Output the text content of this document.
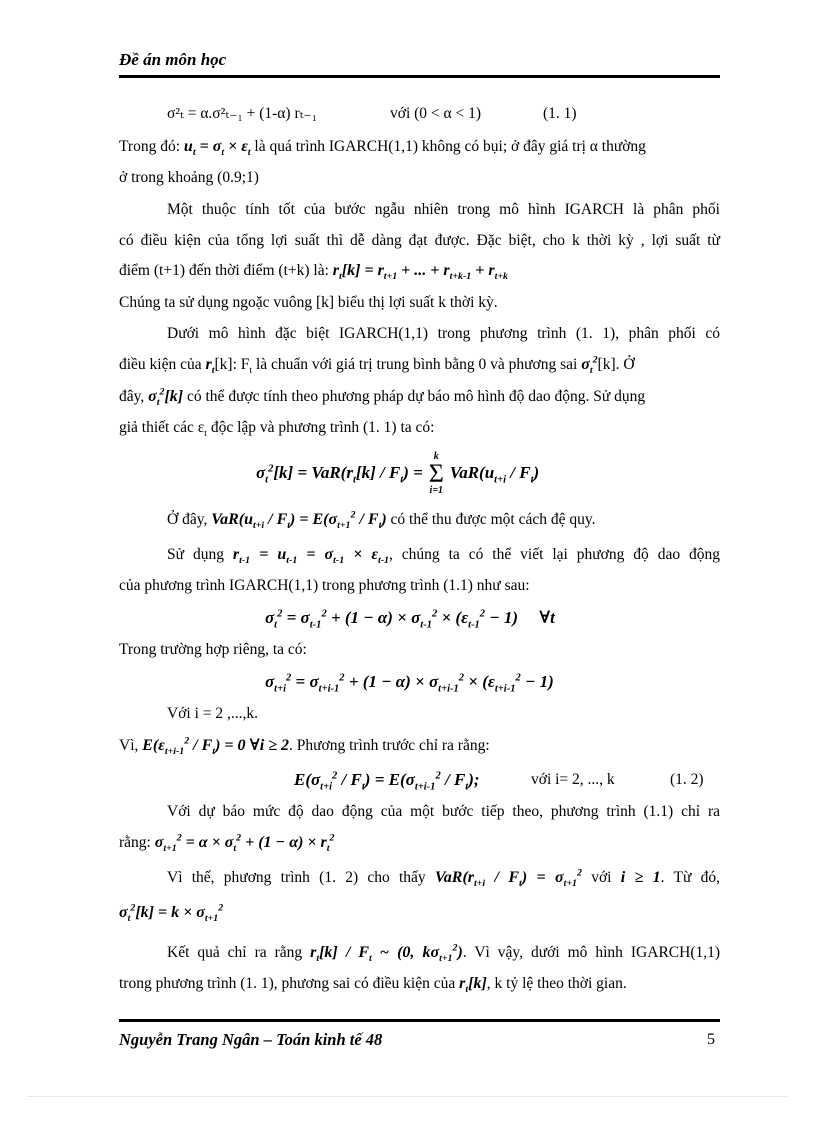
Đề án môn học
σ²ₜ = α.σ²ₜ₋₁ + (1-α) rₜ₋₁	với (0 < α < 1)	(1. 1)
Trong đó: $u_t = \sigma_t \times \varepsilon_t$ là quá trình IGARCH(1,1) không có bụi; ở đây giá trị α thường
ở trong khoảng (0.9;1)
Một thuộc tính tốt của bước ngẫu nhiên trong mô hình IGARCH là phân phối
có điều kiện của tổng lợi suất thì dễ dàng đạt được. Đặc biệt, cho k thời kỳ , lợi suất từ
điểm (t+1) đến thời điểm (t+k) là: $r_t[k] = r_{t+1}$ + ... + $r_{t+k-1} + r_{t+k}$
Chúng ta sử dụng ngoặc vuông [k] biểu thị lợi suất k thời kỳ.
Dưới mô hình đặc biệt IGARCH(1,1) trong phương trình (1. 1), phân phối có
điều kiện của $r_t[k]$: $F_t$ là chuẩn với giá trị trung bình bằng 0 và phương sai $\sigma_t^2[k]$. Ở
đây, $\sigma_t^2[k]$ có thể được tính theo phương pháp dự báo mô hình độ dao động. Sử dụng
giả thiết các $\varepsilon_t$ độc lập và phương trình (1. 1) ta có:
$\sigma_t^2[k] = VaR(r_t[k] / F_t)$ =
k
Σ
i=1
$VaR(u_{t+i} / F_t)$
Ở đây, $VaR(u_{t+i} / F_t) = E(\sigma_{t+1}^2 / F_t)$ có thể thu được một cách đệ quy.
Sử dụng $r_{t-1} = u_{t-1} = \sigma_{t-1} \times \varepsilon_{t-1}$, chúng ta có thể viết lại phương độ dao động
của phương trình IGARCH(1,1) trong phương trình (1.1) như sau:
$\sigma_t^2 = \sigma_{t-1}^2 + (1 - \alpha) \times \sigma_{t-1}^2 \times (\varepsilon_{t-1}^2 - 1)$     ∀t
Trong trường hợp riêng, ta có:
$\sigma_{t+i}^2 = \sigma_{t+i-1}^2 + (1 - \alpha) \times \sigma_{t+i-1}^2 \times (\varepsilon_{t+i-1}^2 - 1)$
Với i = 2 ,...,k.
Vì, $E(\varepsilon_{t+i-1}^2 / F_t) = 0$ ∀i ≥ 2. Phương trình trước chỉ ra rằng:
$E(\sigma_{t+i}^2 / F_t) = E(\sigma_{t+i-1}^2 / F_t)$;	với i= 2, ..., k	(1. 2)
Với dự báo mức độ dao động của một bước tiếp theo, phương trình (1.1) chỉ ra
rằng: $\sigma_{t+1}^2 = \alpha \times \sigma_t^2 + (1 - \alpha) \times r_t^2$
Vì thế, phương trình (1. 2) cho thấy $VaR(r_{t+i} / F_t) = \sigma_{t+1}^2$ với i ≥ 1. Từ đó,
$\sigma_t^2[k] = k \times \sigma_{t+1}^2$
Kết quả chỉ ra rằng $r_t[k] / F_t$ ~ (0, $k\sigma_{t+1}^2$). Vì vậy, dưới mô hình IGARCH(1,1)
trong phương trình (1. 1), phương sai có điều kiện của $r_t[k]$, k tỷ lệ theo thời gian.
Nguyễn Trang Ngân – Toán kinh tế 48	5
